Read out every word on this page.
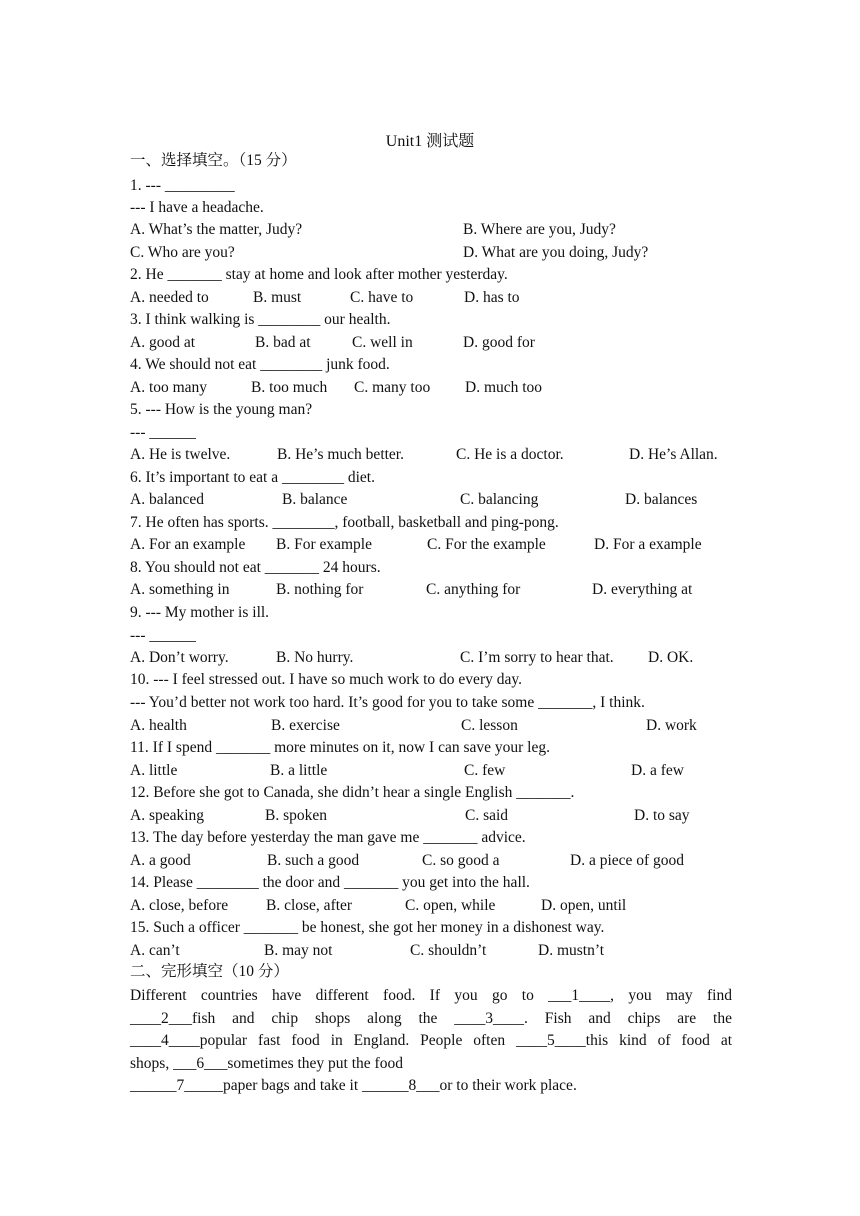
Unit1 测试题
一、选择填空。（15 分）
1. --- _________
--- I have a headache.
A. What’s the matter, Judy?	B. Where are you, Judy?
C. Who are you?	D. What are you doing, Judy?
2. He _______ stay at home and look after mother yesterday.
A. needed to	B. must	C. have to	D. has to
3. I think walking is ________ our health.
A. good at	B. bad at	C. well in	D. good for
4. We should not eat ________ junk food.
A. too many	B. too much C. many too D. much too
5. --- How is the young man?
--- ______
A. He is twelve.	B. He’s much better.	C. He is a doctor.	D. He’s Allan.
6. It’s important to eat a ________ diet.
A. balanced	B. balance	C. balancing	D. balances
7. He often has sports. ________, football, basketball and ping-pong.
A. For an example B. For example	C. For the example	D. For a example
8. You should not eat _______ 24 hours.
A. something in	B. nothing for	C. anything for	D. everything at
9. --- My mother is ill.
--- ______
A. Don’t worry.	B. No hurry.	C. I’m sorry to hear that. D. OK.
10. --- I feel stressed out. I have so much work to do every day.
--- You’d better not work too hard. It’s good for you to take some _______, I think.
A. health	B. exercise	C. lesson	D. work
11. If I spend _______ more minutes on it, now I can save your leg.
A. little	B. a little	C. few	D. a few
12. Before she got to Canada, she didn’t hear a single English _______.
A. speaking	B. spoken	C. said	D. to say
13. The day before yesterday the man gave me _______ advice.
A. a good	B. such a good	C. so good a	D. a piece of good
14. Please ________ the door and _______ you get into the hall.
A. close, before B. close, after	C. open, while	D. open, until
15. Such a officer _______ be honest, she got her money in a dishonest way.
A. can’t	B. may not	C. shouldn’t	D. mustn’t
二、完形填空（10 分）
Different countries have different food. If you go to ___1____, you may find
____2___fish and chip shops along the ____3____. Fish and chips are the
____4____popular fast food in England. People often ____5____this kind of food at
shops, ___6___sometimes they put the food
______7_____paper bags and take it ______8___or to their work place.
